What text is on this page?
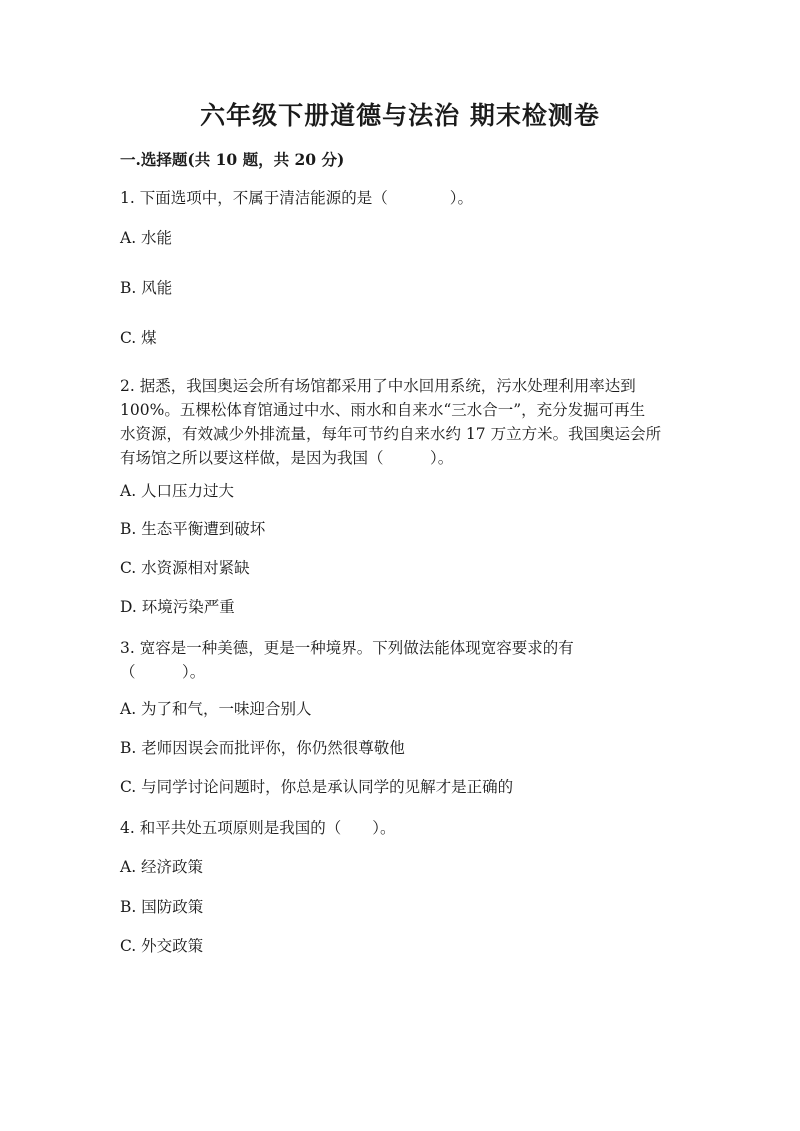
六年级下册道德与法治 期末检测卷

一.选择题(共 10 题，共 20 分)

1. 下面选项中，不属于清洁能源的是（　　　　）。

A. 水能

B. 风能

C. 煤

2. 据悉，我国奥运会所有场馆都采用了中水回用系统，污水处理利用率达到
100%。五棵松体育馆通过中水、雨水和自来水“三水合一”，充分发掘可再生
水资源，有效减少外排流量，每年可节约自来水约 17 万立方米。我国奥运会所
有场馆之所以要这样做，是因为我国（　　　）。

A. 人口压力过大

B. 生态平衡遭到破坏

C. 水资源相对紧缺

D. 环境污染严重

3. 宽容是一种美德，更是一种境界。下列做法能体现宽容要求的有
（　　　）。

A. 为了和气，一味迎合别人

B. 老师因误会而批评你，你仍然很尊敬他

C. 与同学讨论问题时，你总是承认同学的见解才是正确的

4. 和平共处五项原则是我国的（　　）。

A. 经济政策

B. 国防政策

C. 外交政策
